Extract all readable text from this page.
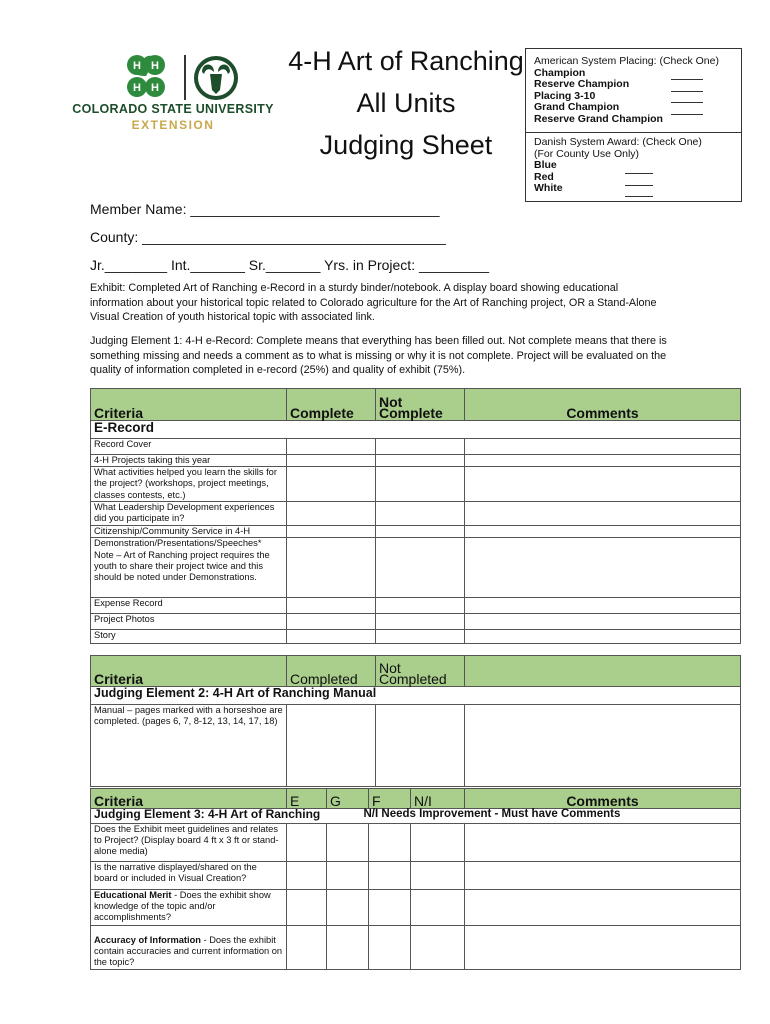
H H
H H
COLORADO STATE UNIVERSITY
EXTENSION
4-H Art of Ranching
All Units
Judging Sheet
American System Placing: (Check One)
Champion
Reserve Champion
Placing 3-10
Grand Champion
Reserve Grand Champion
Danish System Award: (Check One)
(For County Use Only)
Blue
Red
White
Member Name: ________________________________
County: _______________________________________
Jr.________ Int._______ Sr._______ Yrs. in Project: _________
Exhibit: Completed Art of Ranching e-Record in a sturdy binder/notebook. A display board showing educational information about your historical topic related to Colorado agriculture for the Art of Ranching project, OR a Stand-Alone Visual Creation of youth historical topic with associated link.
Judging Element 1: 4-H e-Record: Complete means that everything has been filled out. Not complete means that there is something missing and needs a comment as to what is missing or why it is not complete. Project will be evaluated on the quality of information completed in e-record (25%) and quality of exhibit (75%).
Criteria	Complete	Not Complete	Comments
E-Record			
Record Cover			
4-H Projects taking this year			
What activities helped you learn the skills for the project? (workshops, project meetings, classes contests, etc.)			
What Leadership Development experiences did you participate in?			
Citizenship/Community Service in 4-H			
Demonstration/Presentations/Speeches* Note – Art of Ranching project requires the youth to share their project twice and this should be noted under Demonstrations.			
Expense Record			
Project Photos			
Story			
Criteria	Completed	Not Completed	
Judging Element 2: 4-H Art of Ranching Manual			
Manual – pages marked with a horseshoe are completed. (pages 6, 7, 8-12, 13, 14, 17, 18)			
Criteria	E	G	F	N/I	Comments
Judging Element 3: 4-H Art of Ranching N/I Needs Improvement - Must have Comments					

Does the Exhibit meet guidelines and relates to Project? (Display board 4 ft x 3 ft or stand-alone media)					
Is the narrative displayed/shared on the board or included in Visual Creation?					
Educational Merit - Does the exhibit show knowledge of the topic and/or accomplishments?					
Accuracy of Information - Does the exhibit contain accuracies and current information on the topic?					
